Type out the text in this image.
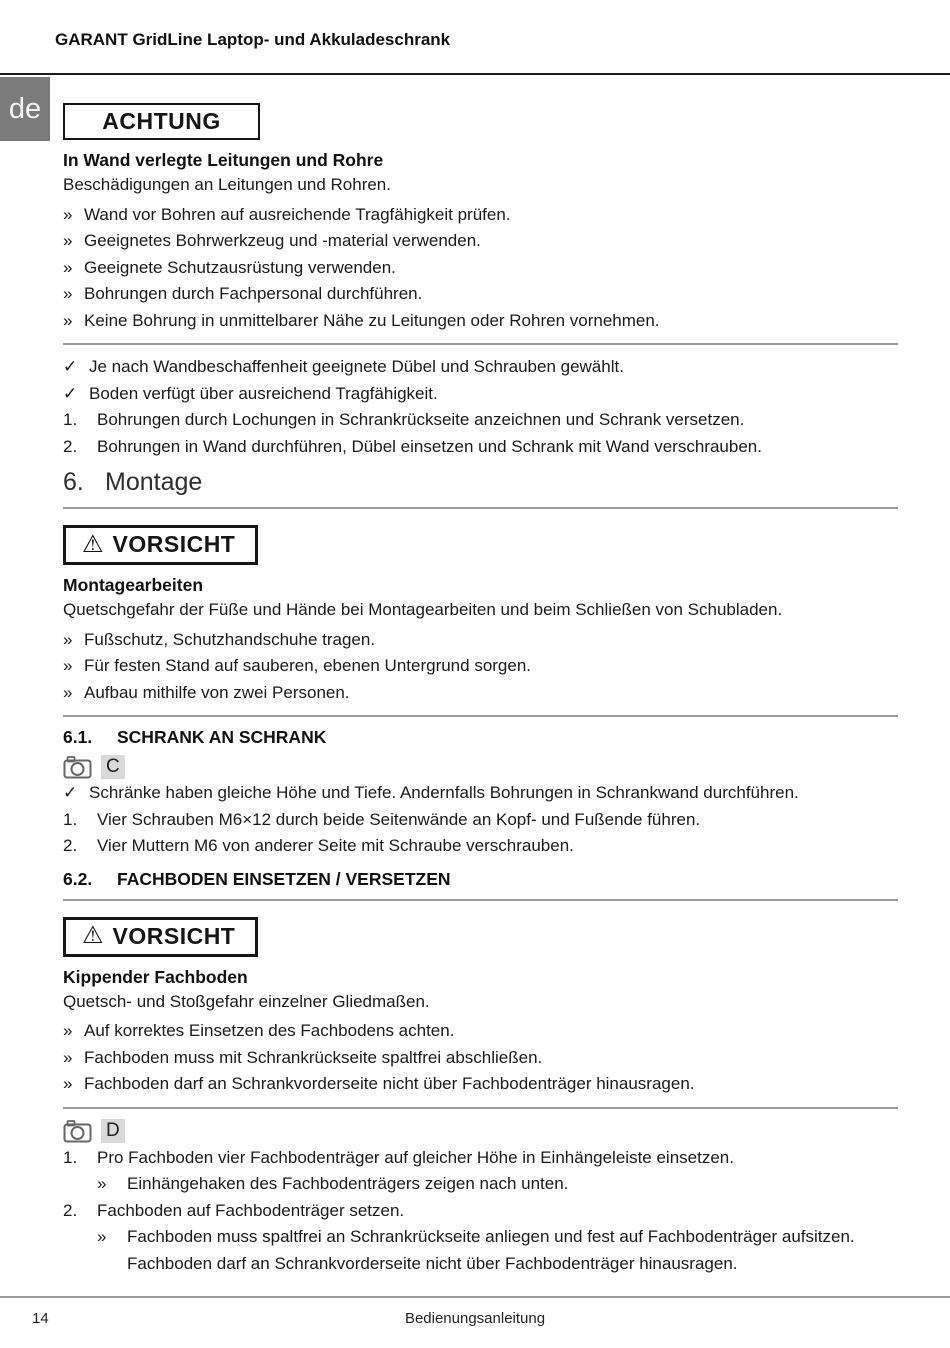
GARANT GridLine Laptop- und Akkuladeschrank
de	ACHTUNG
In Wand verlegte Leitungen und Rohre
Beschädigungen an Leitungen und Rohren.
» Wand vor Bohren auf ausreichende Tragfähigkeit prüfen.
» Geeignetes Bohrwerkzeug und -material verwenden.
» Geeignete Schutzausrüstung verwenden.
» Bohrungen durch Fachpersonal durchführen.
» Keine Bohrung in unmittelbarer Nähe zu Leitungen oder Rohren vornehmen.
✓ Je nach Wandbeschaffenheit geeignete Dübel und Schrauben gewählt.
✓ Boden verfügt über ausreichend Tragfähigkeit.
1.	Bohrungen durch Lochungen in Schrankrückseite anzeichnen und Schrank versetzen.
2.	Bohrungen in Wand durchführen, Dübel einsetzen und Schrank mit Wand verschrauben.
6. Montage
⚠ VORSICHT
Montagearbeiten
Quetschgefahr der Füße und Hände bei Montagearbeiten und beim Schließen von Schubladen.
» Fußschutz, Schutzhandschuhe tragen.
» Für festen Stand auf sauberen, ebenen Untergrund sorgen.
» Aufbau mithilfe von zwei Personen.
6.1.	SCHRANK AN SCHRANK
C
✓ Schränke haben gleiche Höhe und Tiefe. Andernfalls Bohrungen in Schrankwand durchführen.
1.	Vier Schrauben M6×12 durch beide Seitenwände an Kopf- und Fußende führen.
2.	Vier Muttern M6 von anderer Seite mit Schraube verschrauben.
6.2.	FACHBODEN EINSETZEN / VERSETZEN
⚠ VORSICHT
Kippender Fachboden
Quetsch- und Stoßgefahr einzelner Gliedmaßen.
» Auf korrektes Einsetzen des Fachbodens achten.
» Fachboden muss mit Schrankrückseite spaltfrei abschließen.
» Fachboden darf an Schrankvorderseite nicht über Fachbodenträger hinausragen.
D
1.	Pro Fachboden vier Fachbodenträger auf gleicher Höhe in Einhängeleiste einsetzen.
»	Einhängehaken des Fachbodenträgers zeigen nach unten.
2.	Fachboden auf Fachbodenträger setzen.
»	Fachboden muss spaltfrei an Schrankrückseite anliegen und fest auf Fachbodenträger aufsitzen. Fachboden darf an Schrankvorderseite nicht über Fachbodenträger hinausragen.
14	Bedienungsanleitung
